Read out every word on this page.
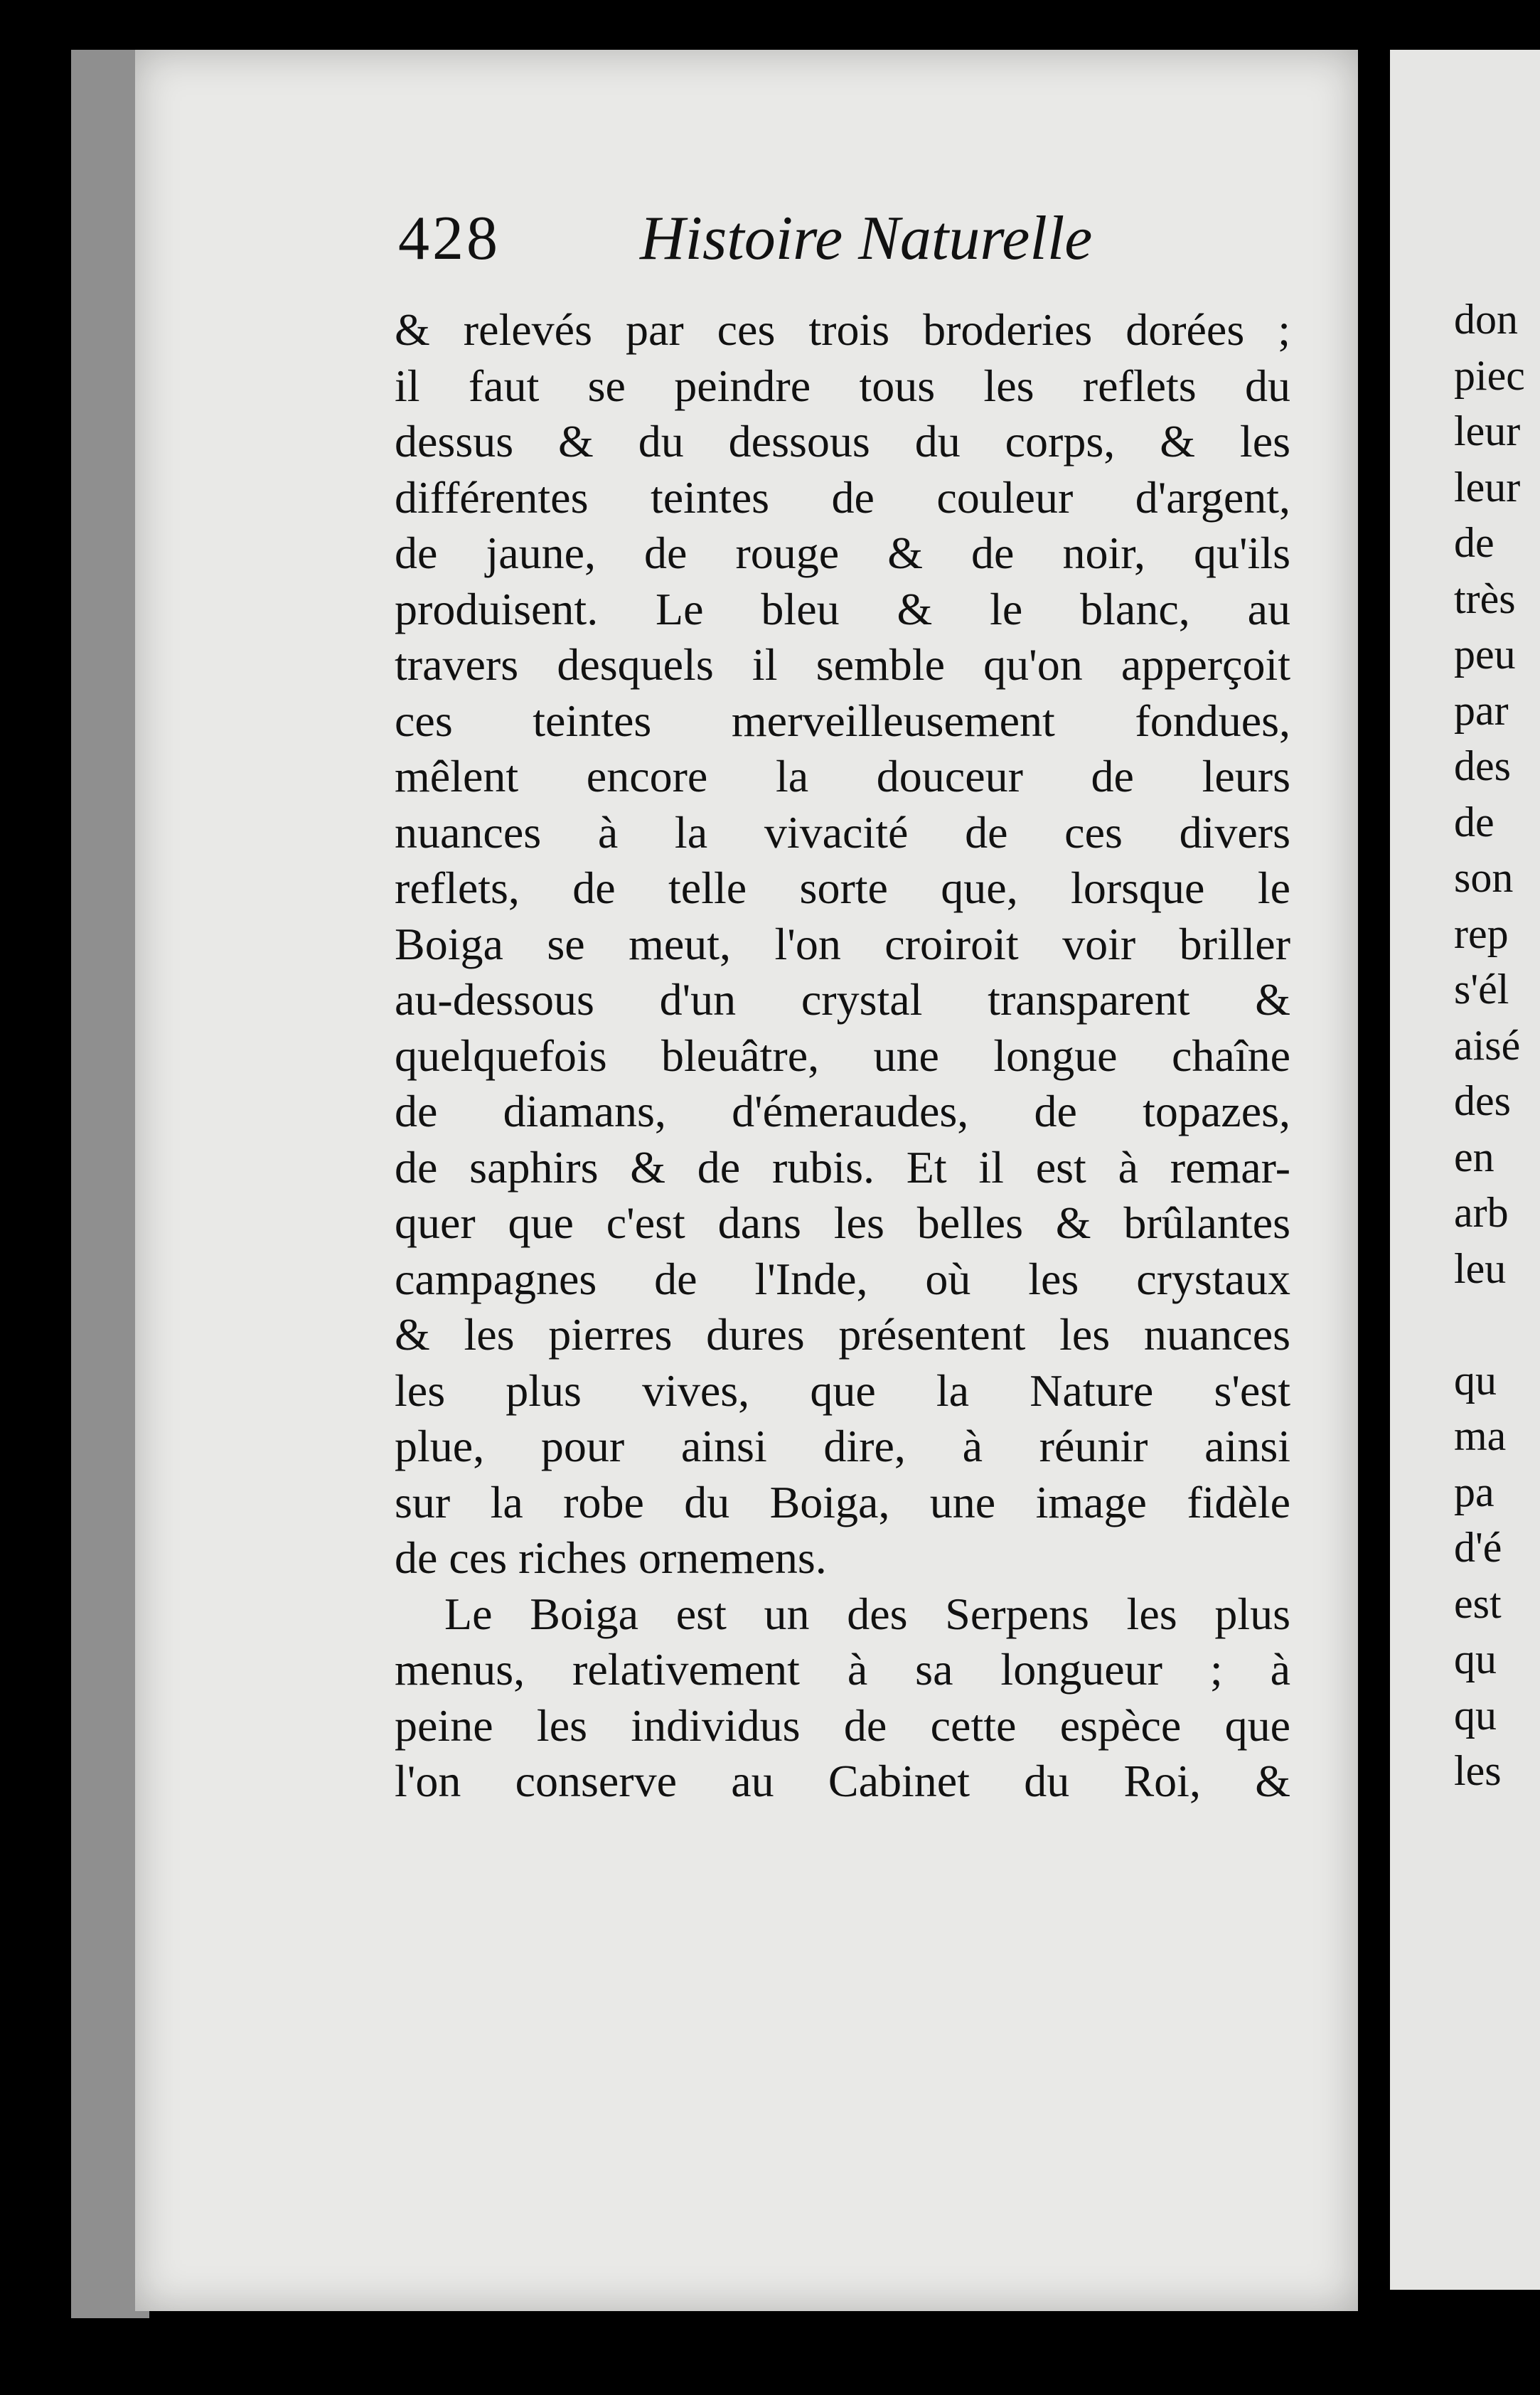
428 Histoire Naturelle
& relevés par ces trois broderies dorées ;
il faut se peindre tous les reflets du
dessus & du dessous du corps, & les
différentes teintes de couleur d'argent,
de jaune, de rouge & de noir, qu'ils
produisent. Le bleu & le blanc, au
travers desquels il semble qu'on apperçoit
ces teintes merveilleusement fondues,
mêlent encore la douceur de leurs
nuances à la vivacité de ces divers
reflets, de telle sorte que, lorsque le
Boiga se meut, l'on croiroit voir briller
au-dessous d'un crystal transparent &
quelquefois bleuâtre, une longue chaîne
de diamans, d'émeraudes, de topazes,
de saphirs & de rubis. Et il est à remar-
quer que c'est dans les belles & brûlantes
campagnes de l'Inde, où les crystaux
& les pierres dures présentent les nuances
les plus vives, que la Nature s'est
plue, pour ainsi dire, à réunir ainsi
sur la robe du Boiga, une image fidèle
de ces riches ornemens.
Le Boiga est un des Serpens les plus
menus, relativement à sa longueur ; à
peine les individus de cette espèce que
l'on conserve au Cabinet du Roi, &
don
piec
leur
leur
de
très
peu
par
des
de
son
rep
s'él
aisé
des
en
arb
leu
qu
ma
pa
d'é
est
qu
qu
les
